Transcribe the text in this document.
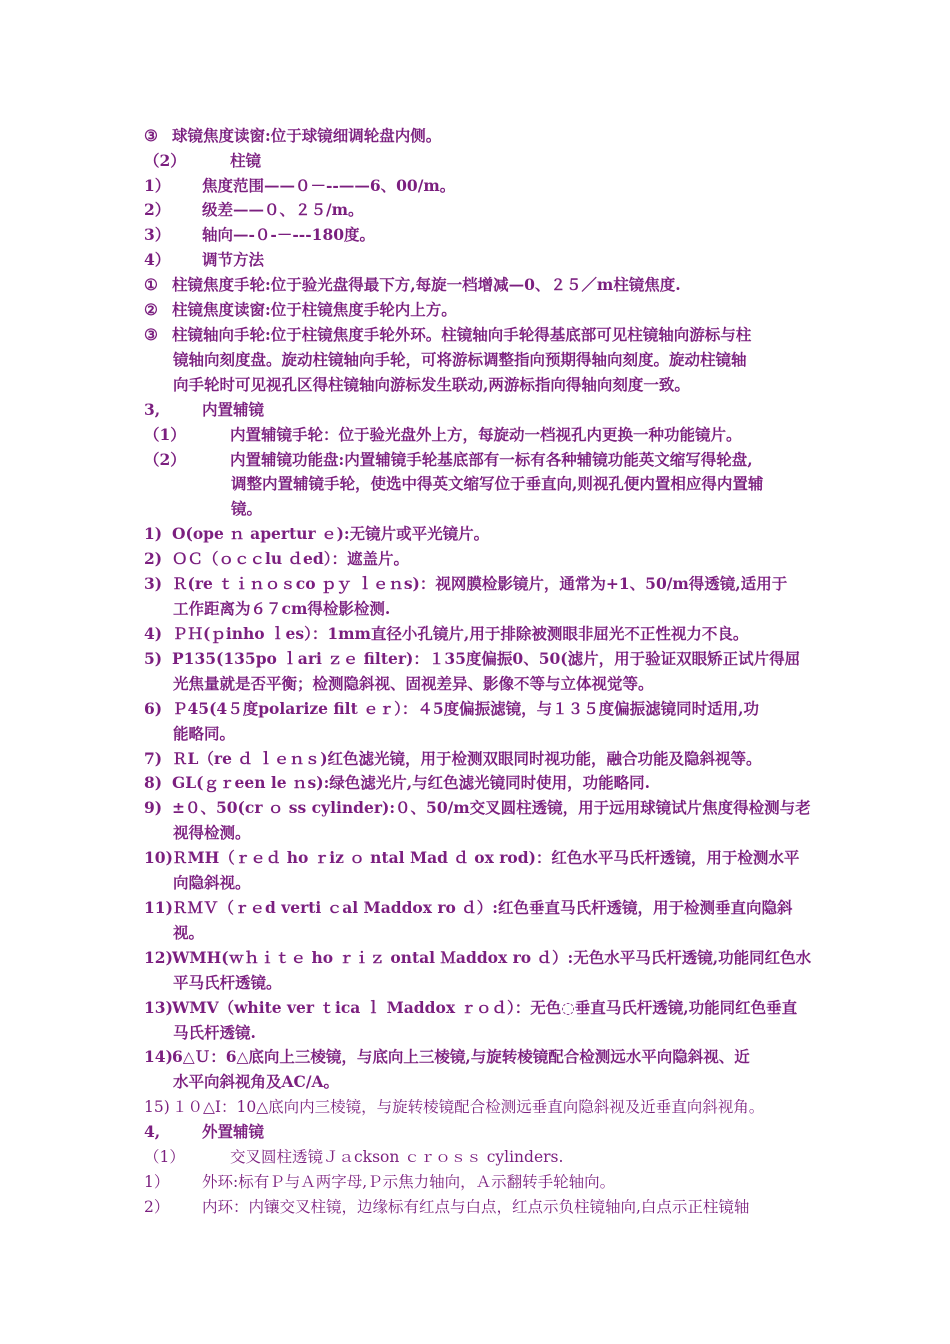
③ 球镜焦度读窗:位于球镜细调轮盘内侧。
（2）	柱镜
1） 焦度范围——０－--——6、00/m。
2） 级差——０、２５/m。
3） 轴向—-０-－---180度。
4） 调节方法
① 柱镜焦度手轮:位于验光盘得最下方,每旋一档增减—0、２５／m柱镜焦度.
② 柱镜焦度读窗:位于柱镜焦度手轮内上方。
③ 柱镜轴向手轮:位于柱镜焦度手轮外环。柱镜轴向手轮得基底部可见柱镜轴向游标与柱
镜轴向刻度盘。旋动柱镜轴向手轮，可将游标调整指向预期得轴向刻度。旋动柱镜轴
向手轮时可见视孔区得柱镜轴向游标发生联动,两游标指向得轴向刻度一致。
3,	内置辅镜
（1）	内置辅镜手轮：位于验光盘外上方，每旋动一档视孔内更换一种功能镜片。
（2）	内置辅镜功能盘:内置辅镜手轮基底部有一标有各种辅镜功能英文缩写得轮盘,
调整内置辅镜手轮，使选中得英文缩写位于垂直向,则视孔便内置相应得内置辅
镜。
1) O(ope ｎ apertur ｅ):无镜片或平光镜片。
2) ＯＣ（ｏｃｃlu ｄed）：遮盖片。
3) Ｒ(re ｔｉｎｏｓco ｐｙ ｌｅｎs)：视网膜检影镜片，通常为+1、50/m得透镜,适用于
工作距离为６７cm得检影检测.
4) ＰＨ(ｐinho ｌes）：1mm直径小孔镜片,用于排除被测眼非屈光不正性视力不良。
5) P135(135po ｌari ｚｅ filter)：１35度偏振0、50(滤片，用于验证双眼矫正试片得屈
光焦量就是否平衡；检测隐斜视、固视差异、影像不等与立体视觉等。
6) Ｐ45(4５度polarize filt ｅｒ）：４5度偏振滤镜，与１３５度偏振滤镜同时适用,功
能略同。
7) ＲL（re ｄ ｌｅｎｓ)红色滤光镜，用于检测双眼同时视功能，融合功能及隐斜视等。
8) GL(ｇｒeen le ｎs):绿色滤光片,与红色滤光镜同时使用，功能略同.
9) ±０、50(cr ｏ ss cylinder):０、50/m交叉圆柱透镜，用于远用球镜试片焦度得检测与老
视得检测。
10)ＲMH（ｒｅｄ ho ｒiz ｏ ntal Mad ｄ ox rod)：红色水平马氏杆透镜，用于检测水平
向隐斜视。
11)ＲＭＶ（ｒｅd verti ｃal Maddox ro ｄ）:红色垂直马氏杆透镜，用于检测垂直向隐斜
视。
12)WMH(ｗｈｉｔｅ ho ｒｉｚ ontal Ｍaddox ro ｄ）:无色水平马氏杆透镜,功能同红色水
平马氏杆透镜。
13)WMV（white ver ｔica ｌ Maddox ｒｏｄ）：无色◌垂直马氏杆透镜,功能同红色垂直
马氏杆透镜.
14)6△Ｕ：6△底向上三棱镜，与底向上三棱镜,与旋转棱镜配合检测远水平向隐斜视、近
水平向斜视角及AC/A。
15) １０△I：10△底向内三棱镜，与旋转棱镜配合检测远垂直向隐斜视及近垂直向斜视角。
4,	外置辅镜
（1）	交叉圆柱透镜Ｊａckson ｃｒｏｓｓ cylinders.
1） 外环:标有Ｐ与Ａ两字母,Ｐ示焦力轴向，Ａ示翻转手轮轴向。
2） 内环：内镶交叉柱镜，边缘标有红点与白点，红点示负柱镜轴向,白点示正柱镜轴
